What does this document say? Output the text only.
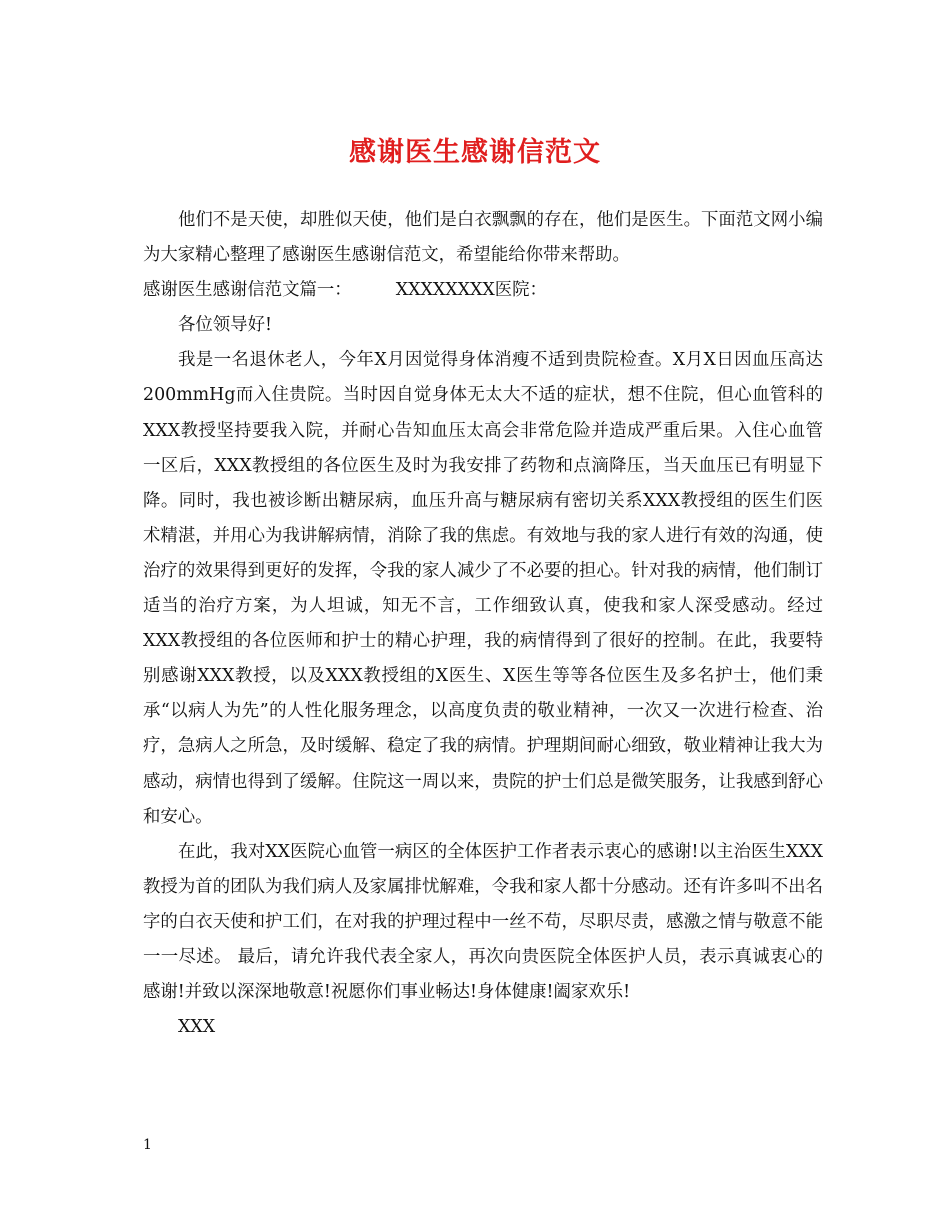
感谢医生感谢信范文

他们不是天使，却胜似天使，他们是白衣飘飘的存在，他们是医生。下面范文网小编为大家精心整理了感谢医生感谢信范文，希望能给你带来帮助。

感谢医生感谢信范文篇一：	XXXXXXXX医院：

各位领导好!

我是一名退休老人，今年X月因觉得身体消瘦不适到贵院检查。X月X日因血压高达200mmHg而入住贵院。当时因自觉身体无太大不适的症状，想不住院，但心血管科的XXX教授坚持要我入院，并耐心告知血压太高会非常危险并造成严重后果。入住心血管一区后，XXX教授组的各位医生及时为我安排了药物和点滴降压，当天血压已有明显下降。同时，我也被诊断出糖尿病，血压升高与糖尿病有密切关系XXX教授组的医生们医术精湛，并用心为我讲解病情，消除了我的焦虑。有效地与我的家人进行有效的沟通，使治疗的效果得到更好的发挥，令我的家人减少了不必要的担心。针对我的病情，他们制订适当的治疗方案，为人坦诚，知无不言，工作细致认真，使我和家人深受感动。经过XXX教授组的各位医师和护士的精心护理，我的病情得到了很好的控制。在此，我要特别感谢XXX教授，以及XXX教授组的X医生、X医生等等各位医生及多名护士，他们秉承“以病人为先”的人性化服务理念，以高度负责的敬业精神，一次又一次进行检查、治疗，急病人之所急，及时缓解、稳定了我的病情。护理期间耐心细致，敬业精神让我大为感动，病情也得到了缓解。住院这一周以来，贵院的护士们总是微笑服务，让我感到舒心和安心。

在此，我对XX医院心血管一病区的全体医护工作者表示衷心的感谢!以主治医生XXX教授为首的团队为我们病人及家属排忧解难，令我和家人都十分感动。还有许多叫不出名字的白衣天使和护工们，在对我的护理过程中一丝不苟，尽职尽责，感激之情与敬意不能一一尽述。 最后，请允许我代表全家人，再次向贵医院全体医护人员，表示真诚衷心的感谢!并致以深深地敬意!祝愿你们事业畅达!身体健康!阖家欢乐!

XXX

1
